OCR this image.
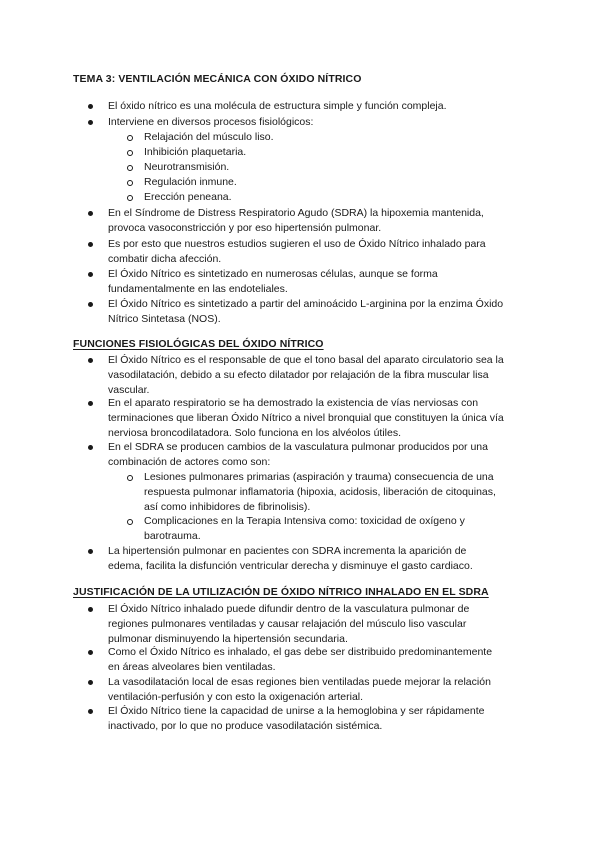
TEMA 3: VENTILACIÓN MECÁNICA CON ÓXIDO NÍTRICO
El óxido nítrico es una molécula de estructura simple y función compleja.
Interviene en diversos procesos fisiológicos:
Relajación del músculo liso.
Inhibición plaquetaria.
Neurotransmisión.
Regulación inmune.
Erección peneana.
En el Síndrome de Distress Respiratorio Agudo (SDRA) la hipoxemia mantenida,
provoca vasoconstricción y por eso hipertensión pulmonar.
Es por esto que nuestros estudios sugieren el uso de Óxido Nítrico inhalado para
combatir dicha afección.
El Óxido Nítrico es sintetizado en numerosas células, aunque se forma
fundamentalmente en las endoteliales.
El Óxido Nítrico es sintetizado a partir del aminoácido L-arginina por la enzima Óxido
Nítrico Sintetasa (NOS).
FUNCIONES FISIOLÓGICAS DEL ÓXIDO NÍTRICO
El Óxido Nítrico es el responsable de que el tono basal del aparato circulatorio sea la
vasodilatación, debido a su efecto dilatador por relajación de la fibra muscular lisa
vascular.
En el aparato respiratorio se ha demostrado la existencia de vías nerviosas con
terminaciones que liberan Óxido Nítrico a nivel bronquial que constituyen la única vía
nerviosa broncodilatadora. Solo funciona en los alvéolos útiles.
En el SDRA se producen cambios de la vasculatura pulmonar producidos por una
combinación de actores como son:
Lesiones pulmonares primarias (aspiración y trauma) consecuencia de una
respuesta pulmonar inflamatoria (hipoxia, acidosis, liberación de citoquinas,
así como inhibidores de fibrinolisis).
Complicaciones en la Terapia Intensiva como: toxicidad de oxígeno y
barotrauma.
La hipertensión pulmonar en pacientes con SDRA incrementa la aparición de
edema, facilita la disfunción ventricular derecha y disminuye el gasto cardiaco.
JUSTIFICACIÓN DE LA UTILIZACIÓN DE ÓXIDO NÍTRICO INHALADO EN EL SDRA
El Óxido Nítrico inhalado puede difundir dentro de la vasculatura pulmonar de
regiones pulmonares ventiladas y causar relajación del músculo liso vascular
pulmonar disminuyendo la hipertensión secundaria.
Como el Óxido Nítrico es inhalado, el gas debe ser distribuido predominantemente
en áreas alveolares bien ventiladas.
La vasodilatación local de esas regiones bien ventiladas puede mejorar la relación
ventilación-perfusión y con esto la oxigenación arterial.
El Óxido Nítrico tiene la capacidad de unirse a la hemoglobina y ser rápidamente
inactivado, por lo que no produce vasodilatación sistémica.
